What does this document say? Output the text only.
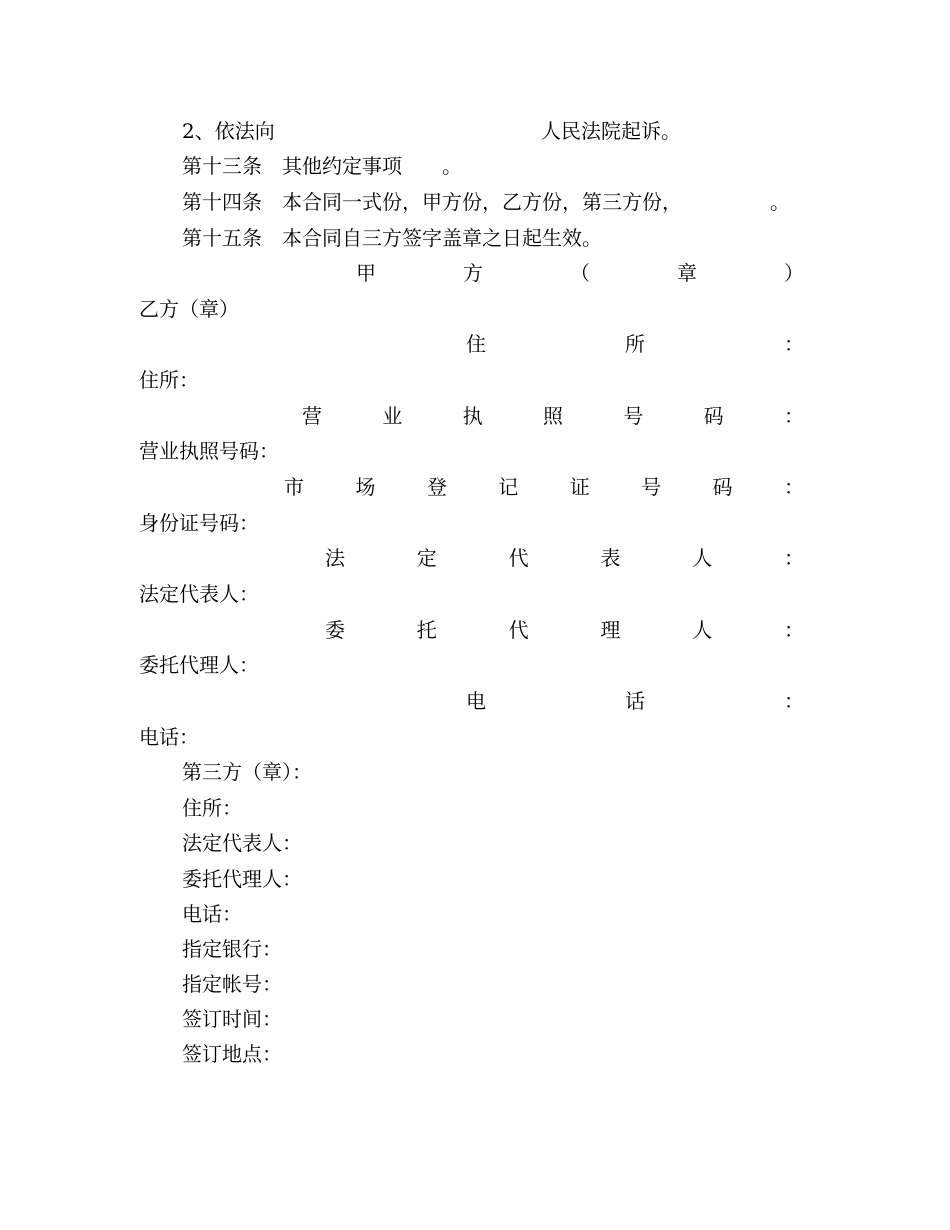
2、依法向	人民法院起诉。
第十三条　其他约定事项　　。
第十四条　本合同一式份，甲方份，乙方份，第三方份，	。
第十五条　本合同自三方签字盖章之日起生效。
甲	方	（	章	）
乙方（章）
住	所	：
住所：
营	业	执	照	号	码	：
营业执照号码：
市	场	登	记	证	号	码	：
身份证号码：
法	定	代	表	人	：
法定代表人：
委	托	代	理	人	：
委托代理人：
电	话	：
电话：
第三方（章）：
住所：
法定代表人：
委托代理人：
电话：
指定银行：
指定帐号：
签订时间：
签订地点：
